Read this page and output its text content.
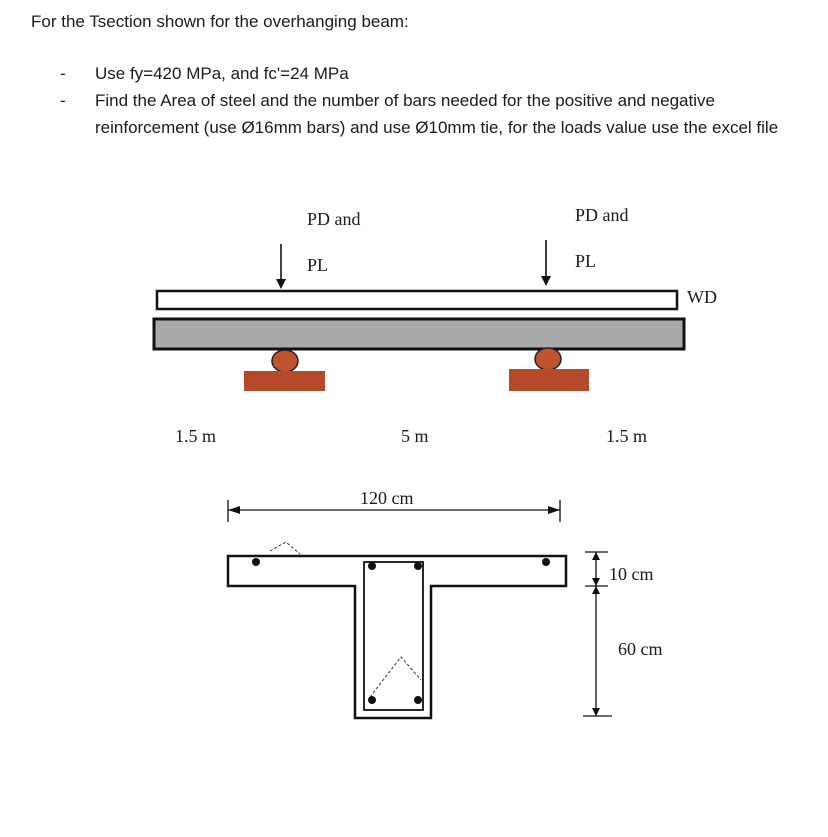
For the Tsection shown for the overhanging beam:
- Use fy=420 MPa, and fc'=24 MPa
- Find the Area of steel and the number of bars needed for the positive and negative reinforcement (use Ø16mm bars) and use Ø10mm tie, for the loads value use the excel file
PD and
PL
PD and
PL
WD
1.5 m	5 m	1.5 m
120 cm
10 cm
60 cm
